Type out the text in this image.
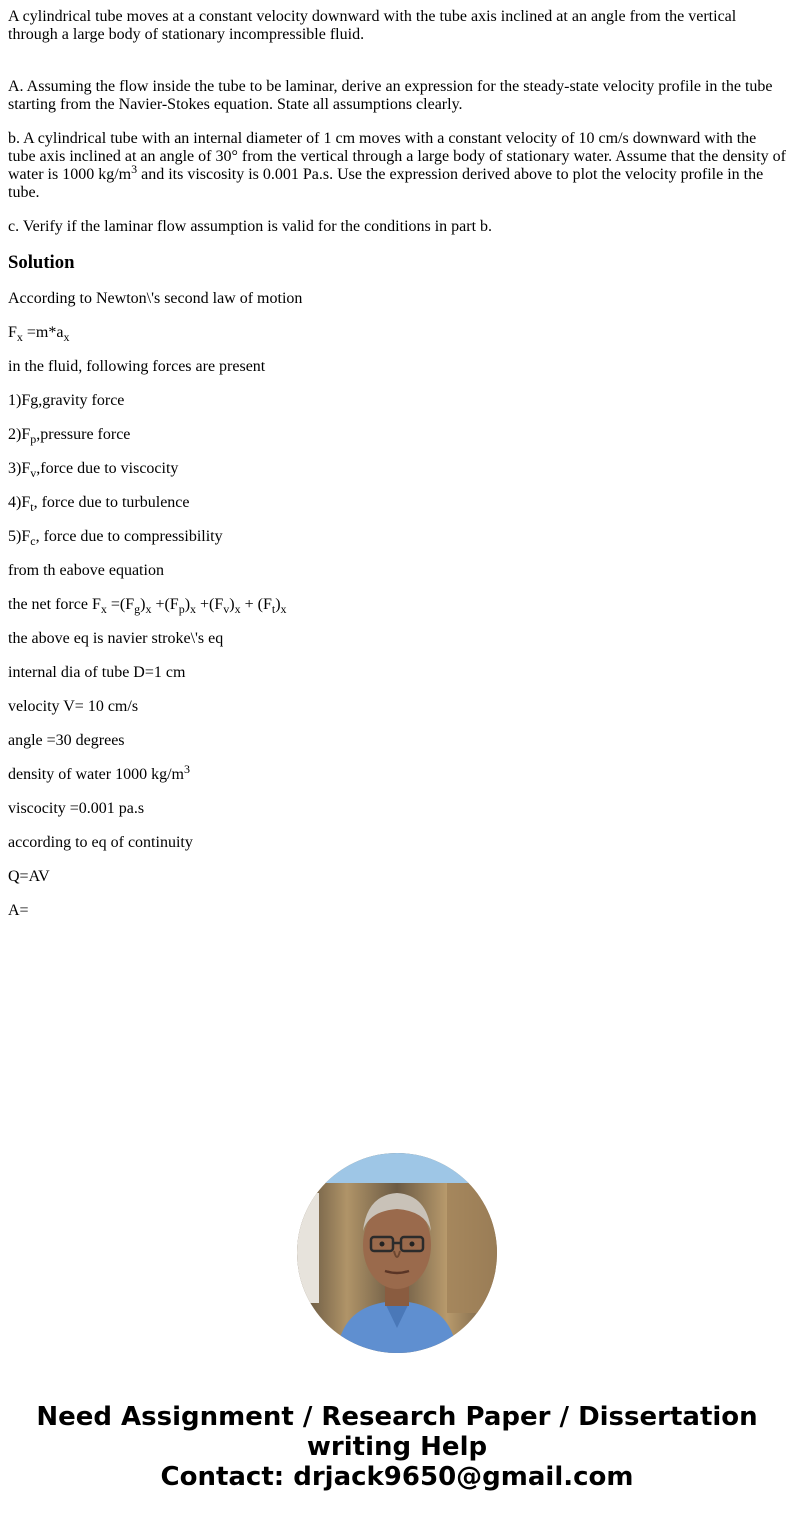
A cylindrical tube moves at a constant velocity downward with the tube axis inclined at an angle from the vertical through a large body of stationary incompressible fluid.

A. Assuming the flow inside the tube to be laminar, derive an expression for the steady-state velocity profile in the tube starting from the Navier-Stokes equation. State all assumptions clearly.

b. A cylindrical tube with an internal diameter of 1 cm moves with a constant velocity of 10 cm/s downward with the tube axis inclined at an angle of 30° from the vertical through a large body of stationary water. Assume that the density of water is 1000 $kg/m^3$ and its viscosity is 0.001 Pa.s. Use the expression derived above to plot the velocity profile in the tube.

c. Verify if the laminar flow assumption is valid for the conditions in part b.

Solution

According to Newton\'s second law of motion

$F_x =m*a_x$

in the fluid, following forces are present

1)Fg,gravity force

$2)F_p,pressure$ force

$3)F_v,force$ due to viscocity

$4)F_t$, force due to turbulence

$5)F_c$, force due to compressibility

from th eabove equation

the net force $F_x =(F_g)_x +(F_p)_x +(F_v)_x + (F_t)_x$

the above eq is navier stroke\'s eq

internal dia of tube D=1 cm

velocity V= 10 cm/s

angle =30 degrees

density of water 1000 $kg/m^3$

viscocity =0.001 pa.s

according to eq of continuity

Q=AV

A=

Need Assignment / Research Paper / Dissertation
writing Help
Contact: drjack9650@gmail.com
